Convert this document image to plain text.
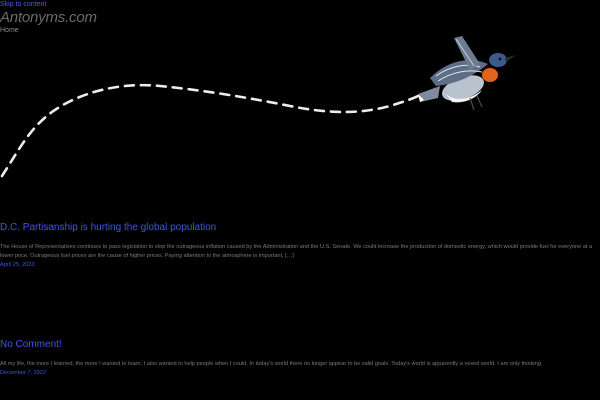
Skip to content
Antonyms.com
Home
D.C. Partisanship is hurting the global population

The House of Representatives continues to pass legislation to stop the outrageous inflation caused by the Administration and the U.S. Senate. We could increase the production of domestic energy, which would provide fuel for everyone at a lower price. Outrageous fuel prices are the cause of higher prices. Paying attention to the atmosphere is important, […]

April 25, 2023
No Comment!

All my life, the more I learned, the more I wanted to learn. I also wanted to help people when I could. In today's world there no longer appear to be valid goals. Today's world is apparently a vexed world. I am only thinking.

December 7, 2022
